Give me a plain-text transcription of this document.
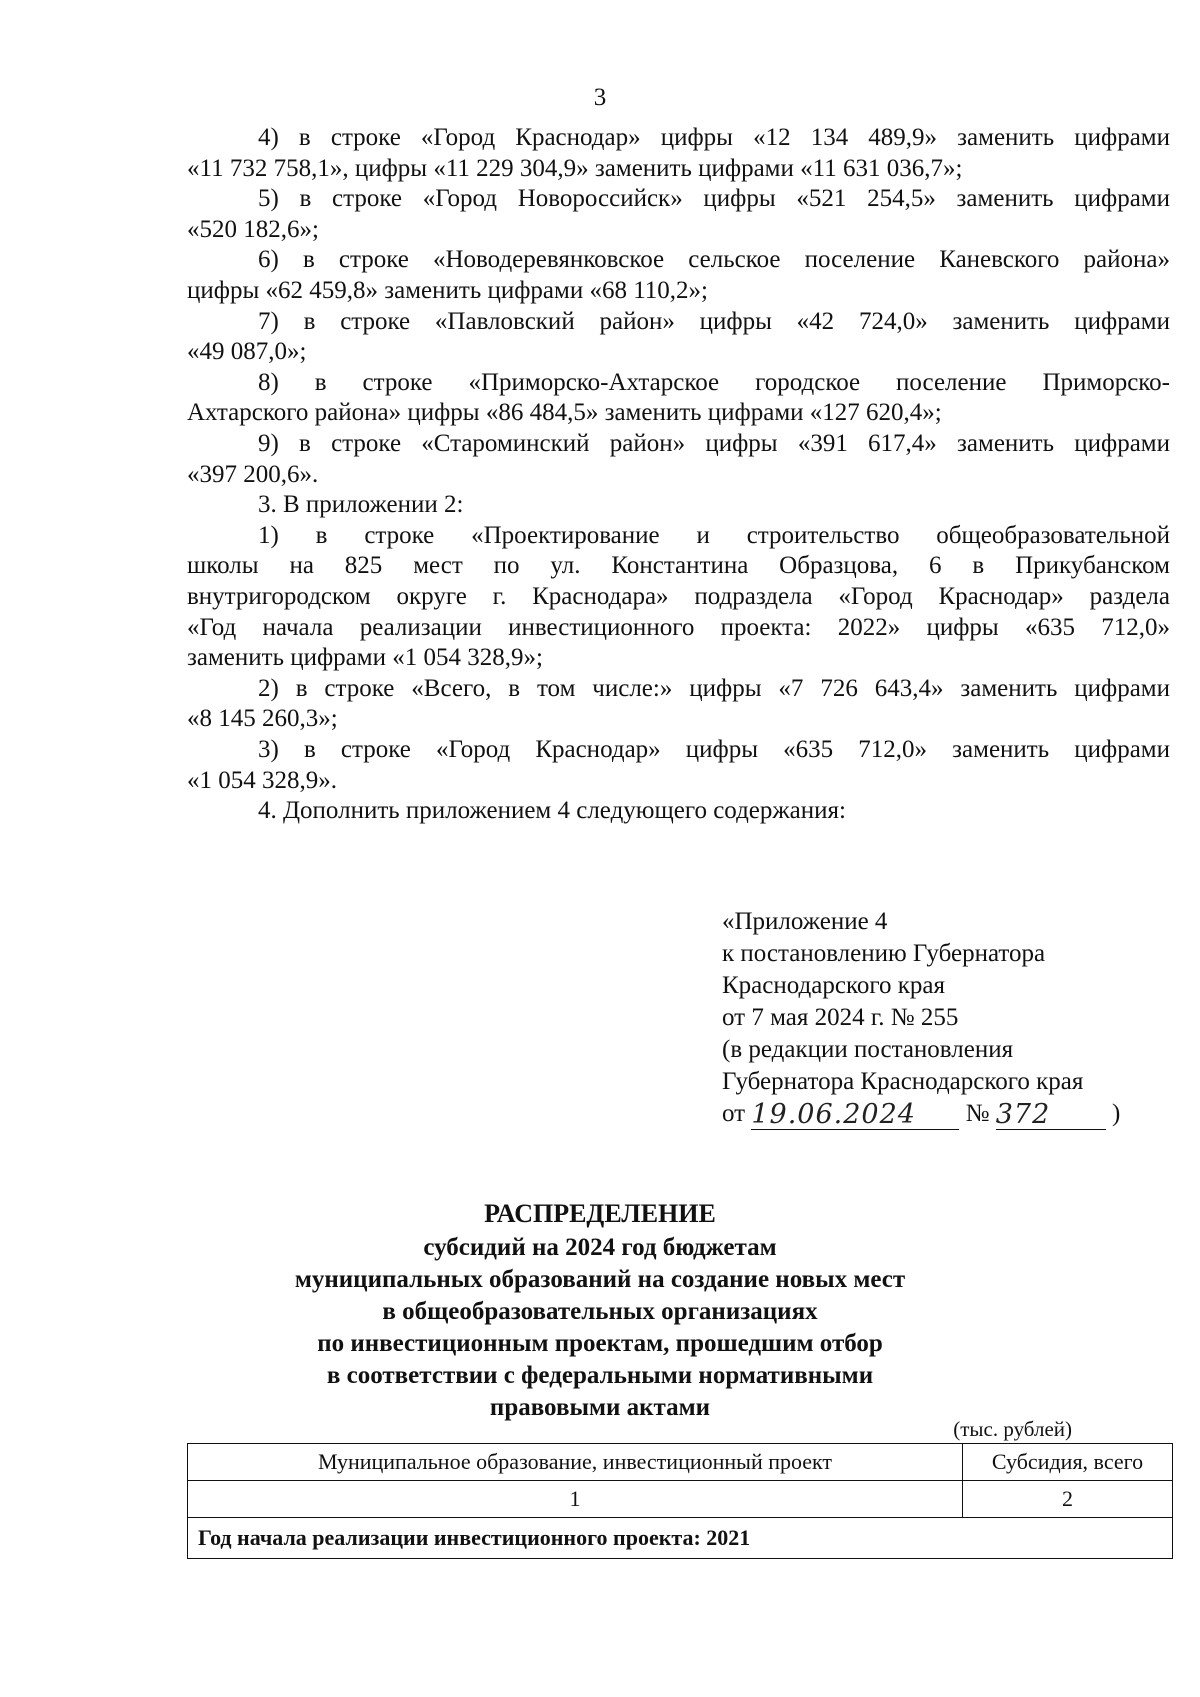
3
4) в строке «Город Краснодар» цифры «12 134 489,9» заменить цифрами
«11 732 758,1», цифры «11 229 304,9» заменить цифрами «11 631 036,7»;
5) в строке «Город Новороссийск» цифры «521 254,5» заменить цифрами
«520 182,6»;
6) в строке «Новодеревянковское сельское поселение Каневского района»
цифры «62 459,8» заменить цифрами «68 110,2»;
7) в строке «Павловский район» цифры «42 724,0» заменить цифрами
«49 087,0»;
8) в строке «Приморско-Ахтарское городское поселение Приморско-
Ахтарского района» цифры «86 484,5» заменить цифрами «127 620,4»;
9) в строке «Староминский район» цифры «391 617,4» заменить цифрами
«397 200,6».
3. В приложении 2:
1) в строке «Проектирование и строительство общеобразовательной
школы на 825 мест по ул. Константина Образцова, 6 в Прикубанском
внутригородском округе г. Краснодара» подраздела «Город Краснодар» раздела
«Год начала реализации инвестиционного проекта: 2022» цифры «635 712,0»
заменить цифрами «1 054 328,9»;
2) в строке «Всего, в том числе:» цифры «7 726 643,4» заменить цифрами
«8 145 260,3»;
3) в строке «Город Краснодар» цифры «635 712,0» заменить цифрами
«1 054 328,9».
4. Дополнить приложением 4 следующего содержания:
«Приложение 4
к постановлению Губернатора
Краснодарского края
от 7 мая 2024 г. № 255
(в редакции постановления
Губернатора Краснодарского края
от 19.06.2024 № 372 )
РАСПРЕДЕЛЕНИЕ
субсидий на 2024 год бюджетам
муниципальных образований на создание новых мест
в общеобразовательных организациях
по инвестиционным проектам, прошедшим отбор
в соответствии с федеральными нормативными
правовыми актами
(тыс. рублей)
Муниципальное образование, инвестиционный проект	Субсидия, всего
1	2
Год начала реализации инвестиционного проекта: 2021	
